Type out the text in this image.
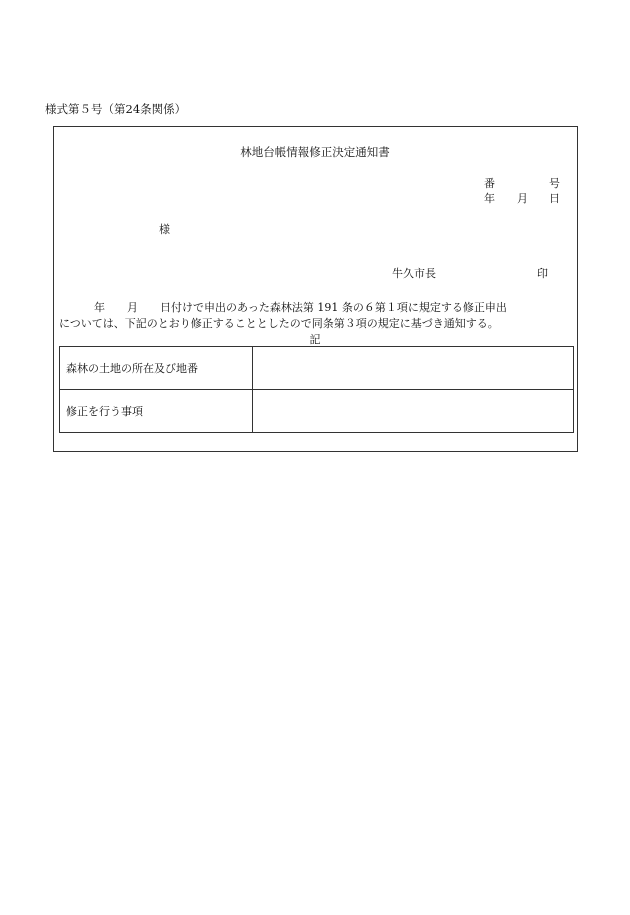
様式第５号（第24条関係）
林地台帳情報修正決定通知書
番	号
年 月 日
様
牛久市長	印
年 月 日付けで申出のあった森林法第 191 条の６第１項に規定する修正申出
については、下記のとおり修正することとしたので同条第３項の規定に基づき通知する。
記
森林の土地の所在及び地番	
修正を行う事項	
